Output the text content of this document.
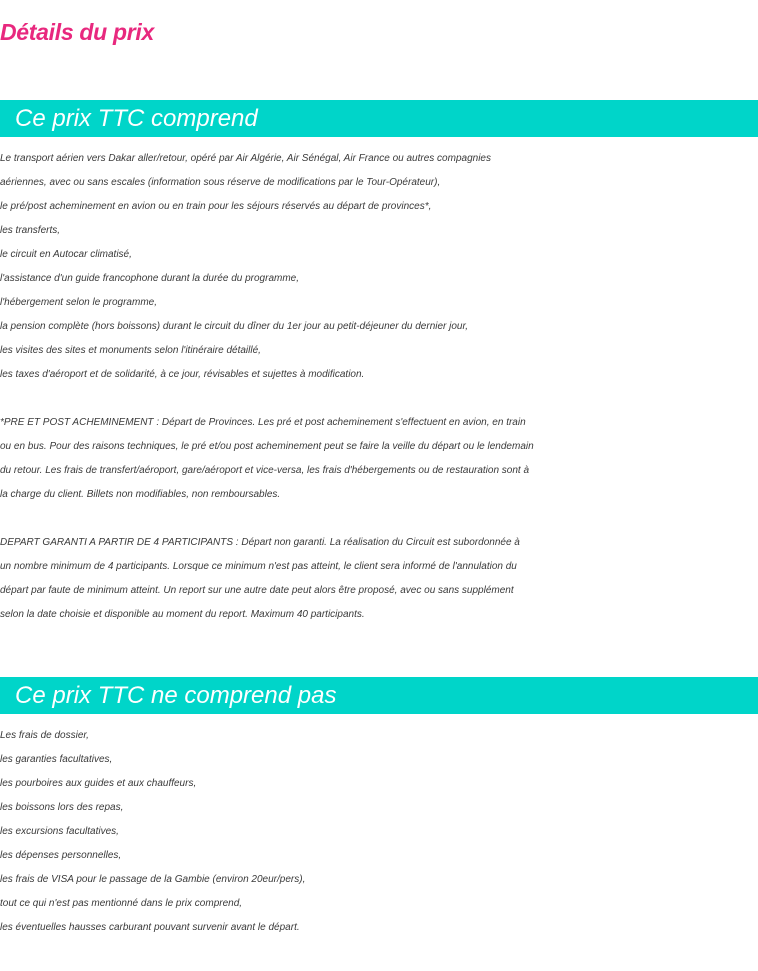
Détails du prix
Ce prix TTC comprend

Le transport aérien vers Dakar aller/retour, opéré par Air Algérie, Air Sénégal, Air France ou autres compagnies

aériennes, avec ou sans escales (information sous réserve de modifications par le Tour-Opérateur),

le pré/post acheminement en avion ou en train pour les séjours réservés au départ de provinces*,

les transferts,

le circuit en Autocar climatisé,

l'assistance d'un guide francophone durant la durée du programme,

l'hébergement selon le programme,

la pension complète (hors boissons) durant le circuit du dîner du 1er jour au petit-déjeuner du dernier jour,

les visites des sites et monuments selon l'itinéraire détaillé,

les taxes d'aéroport et de solidarité, à ce jour, révisables et sujettes à modification.

*PRE ET POST ACHEMINEMENT : Départ de Provinces. Les pré et post acheminement s'effectuent en avion, en train

ou en bus. Pour des raisons techniques, le pré et/ou post acheminement peut se faire la veille du départ ou le lendemain

du retour. Les frais de transfert/aéroport, gare/aéroport et vice-versa, les frais d'hébergements ou de restauration sont à

la charge du client. Billets non modifiables, non remboursables.

DEPART GARANTI A PARTIR DE 4 PARTICIPANTS : Départ non garanti. La réalisation du Circuit est subordonnée à

un nombre minimum de 4 participants. Lorsque ce minimum n'est pas atteint, le client sera informé de l'annulation du

départ par faute de minimum atteint. Un report sur une autre date peut alors être proposé, avec ou sans supplément

selon la date choisie et disponible au moment du report. Maximum 40 participants.

Ce prix TTC ne comprend pas

Les frais de dossier,

les garanties facultatives,

les pourboires aux guides et aux chauffeurs,

les boissons lors des repas,

les excursions facultatives,

les dépenses personnelles,

les frais de VISA pour le passage de la Gambie (environ 20eur/pers),

tout ce qui n'est pas mentionné dans le prix comprend,

les éventuelles hausses carburant pouvant survenir avant le départ.
